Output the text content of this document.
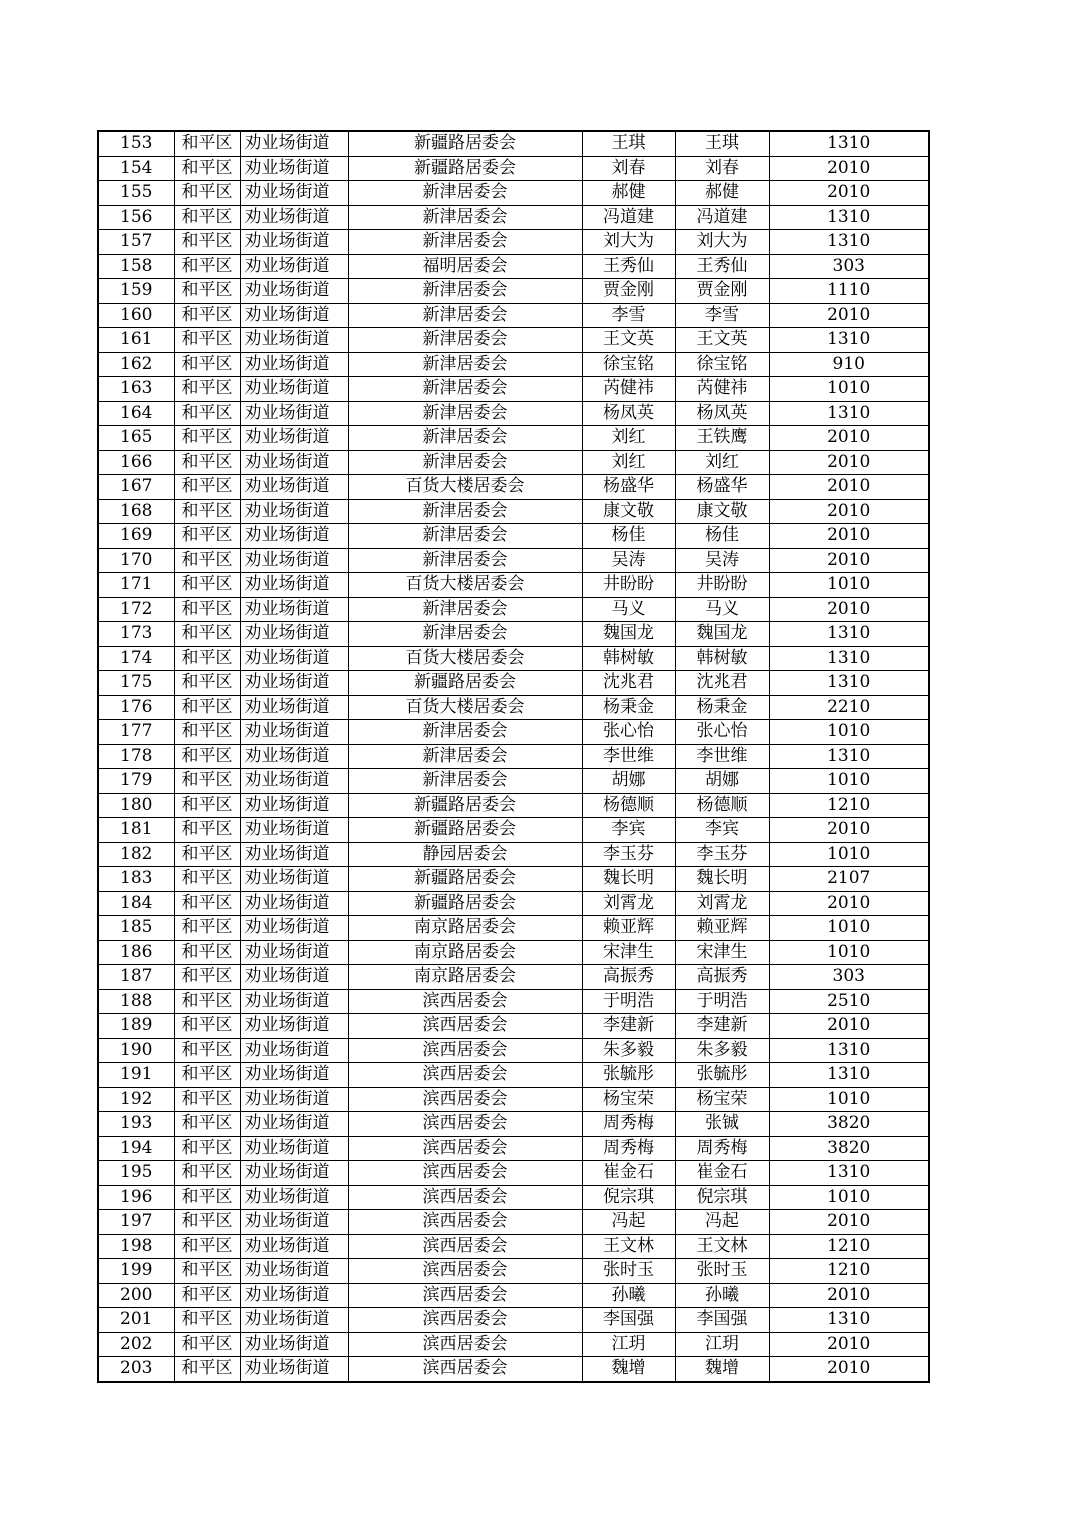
153	和平区	劝业场街道	新疆路居委会	王琪	王琪	1310
154	和平区	劝业场街道	新疆路居委会	刘春	刘春	2010
155	和平区	劝业场街道	新津居委会	郝健	郝健	2010
156	和平区	劝业场街道	新津居委会	冯道建	冯道建	1310
157	和平区	劝业场街道	新津居委会	刘大为	刘大为	1310
158	和平区	劝业场街道	福明居委会	王秀仙	王秀仙	303
159	和平区	劝业场街道	新津居委会	贾金刚	贾金刚	1110
160	和平区	劝业场街道	新津居委会	李雪	李雪	2010
161	和平区	劝业场街道	新津居委会	王文英	王文英	1310
162	和平区	劝业场街道	新津居委会	徐宝铭	徐宝铭	910
163	和平区	劝业场街道	新津居委会	芮健祎	芮健祎	1010
164	和平区	劝业场街道	新津居委会	杨凤英	杨凤英	1310
165	和平区	劝业场街道	新津居委会	刘红	王铁鹰	2010
166	和平区	劝业场街道	新津居委会	刘红	刘红	2010
167	和平区	劝业场街道	百货大楼居委会	杨盛华	杨盛华	2010
168	和平区	劝业场街道	新津居委会	康文敬	康文敬	2010
169	和平区	劝业场街道	新津居委会	杨佳	杨佳	2010
170	和平区	劝业场街道	新津居委会	吴涛	吴涛	2010
171	和平区	劝业场街道	百货大楼居委会	井盼盼	井盼盼	1010
172	和平区	劝业场街道	新津居委会	马义	马义	2010
173	和平区	劝业场街道	新津居委会	魏国龙	魏国龙	1310
174	和平区	劝业场街道	百货大楼居委会	韩树敏	韩树敏	1310
175	和平区	劝业场街道	新疆路居委会	沈兆君	沈兆君	1310
176	和平区	劝业场街道	百货大楼居委会	杨秉金	杨秉金	2210
177	和平区	劝业场街道	新津居委会	张心怡	张心怡	1010
178	和平区	劝业场街道	新津居委会	李世维	李世维	1310
179	和平区	劝业场街道	新津居委会	胡娜	胡娜	1010
180	和平区	劝业场街道	新疆路居委会	杨德顺	杨德顺	1210
181	和平区	劝业场街道	新疆路居委会	李宾	李宾	2010
182	和平区	劝业场街道	静园居委会	李玉芬	李玉芬	1010
183	和平区	劝业场街道	新疆路居委会	魏长明	魏长明	2107
184	和平区	劝业场街道	新疆路居委会	刘霄龙	刘霄龙	2010
185	和平区	劝业场街道	南京路居委会	赖亚辉	赖亚辉	1010
186	和平区	劝业场街道	南京路居委会	宋津生	宋津生	1010
187	和平区	劝业场街道	南京路居委会	高振秀	高振秀	303
188	和平区	劝业场街道	滨西居委会	于明浩	于明浩	2510
189	和平区	劝业场街道	滨西居委会	李建新	李建新	2010
190	和平区	劝业场街道	滨西居委会	朱多毅	朱多毅	1310
191	和平区	劝业场街道	滨西居委会	张毓彤	张毓彤	1310
192	和平区	劝业场街道	滨西居委会	杨宝荣	杨宝荣	1010
193	和平区	劝业场街道	滨西居委会	周秀梅	张铖	3820
194	和平区	劝业场街道	滨西居委会	周秀梅	周秀梅	3820
195	和平区	劝业场街道	滨西居委会	崔金石	崔金石	1310
196	和平区	劝业场街道	滨西居委会	倪宗琪	倪宗琪	1010
197	和平区	劝业场街道	滨西居委会	冯起	冯起	2010
198	和平区	劝业场街道	滨西居委会	王文林	王文林	1210
199	和平区	劝业场街道	滨西居委会	张时玉	张时玉	1210
200	和平区	劝业场街道	滨西居委会	孙曦	孙曦	2010
201	和平区	劝业场街道	滨西居委会	李国强	李国强	1310
202	和平区	劝业场街道	滨西居委会	江玥	江玥	2010
203	和平区	劝业场街道	滨西居委会	魏增	魏增	2010
